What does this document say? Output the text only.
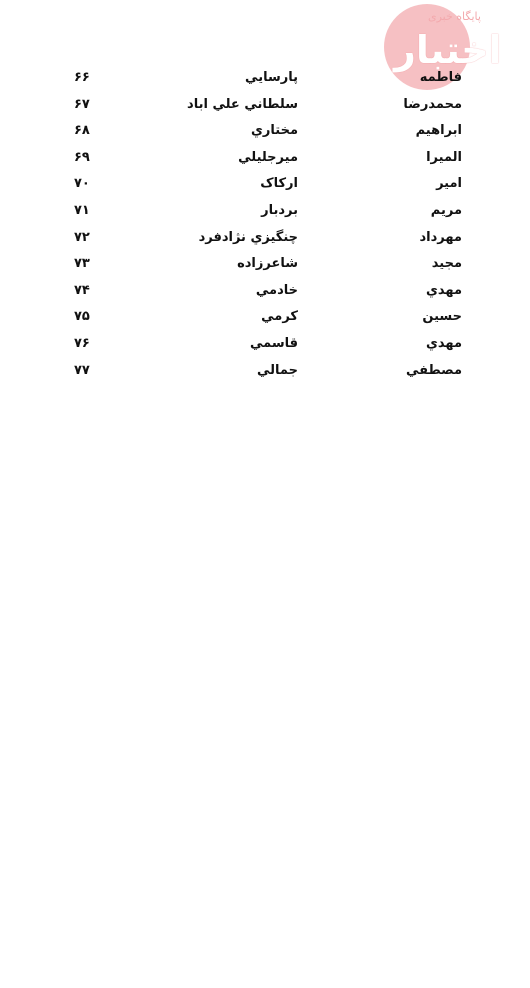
پایگاه خبری
اختبار
فاطمه
پارسايي
۶۶
محمدرضا
سلطاني علي اباد
۶۷
ابراهيم
مختاري
۶۸
الميرا
ميرجليلي
۶۹
امير
اركاک
۷۰
مريم
بردبار
۷۱
مهرداد
چنگيزي نژادفرد
۷۲
مجيد
شاعرزاده
۷۳
مهدي
خادمي
۷۴
حسين
كرمي
۷۵
مهدي
قاسمي
۷۶
مصطفي
جمالي
۷۷
